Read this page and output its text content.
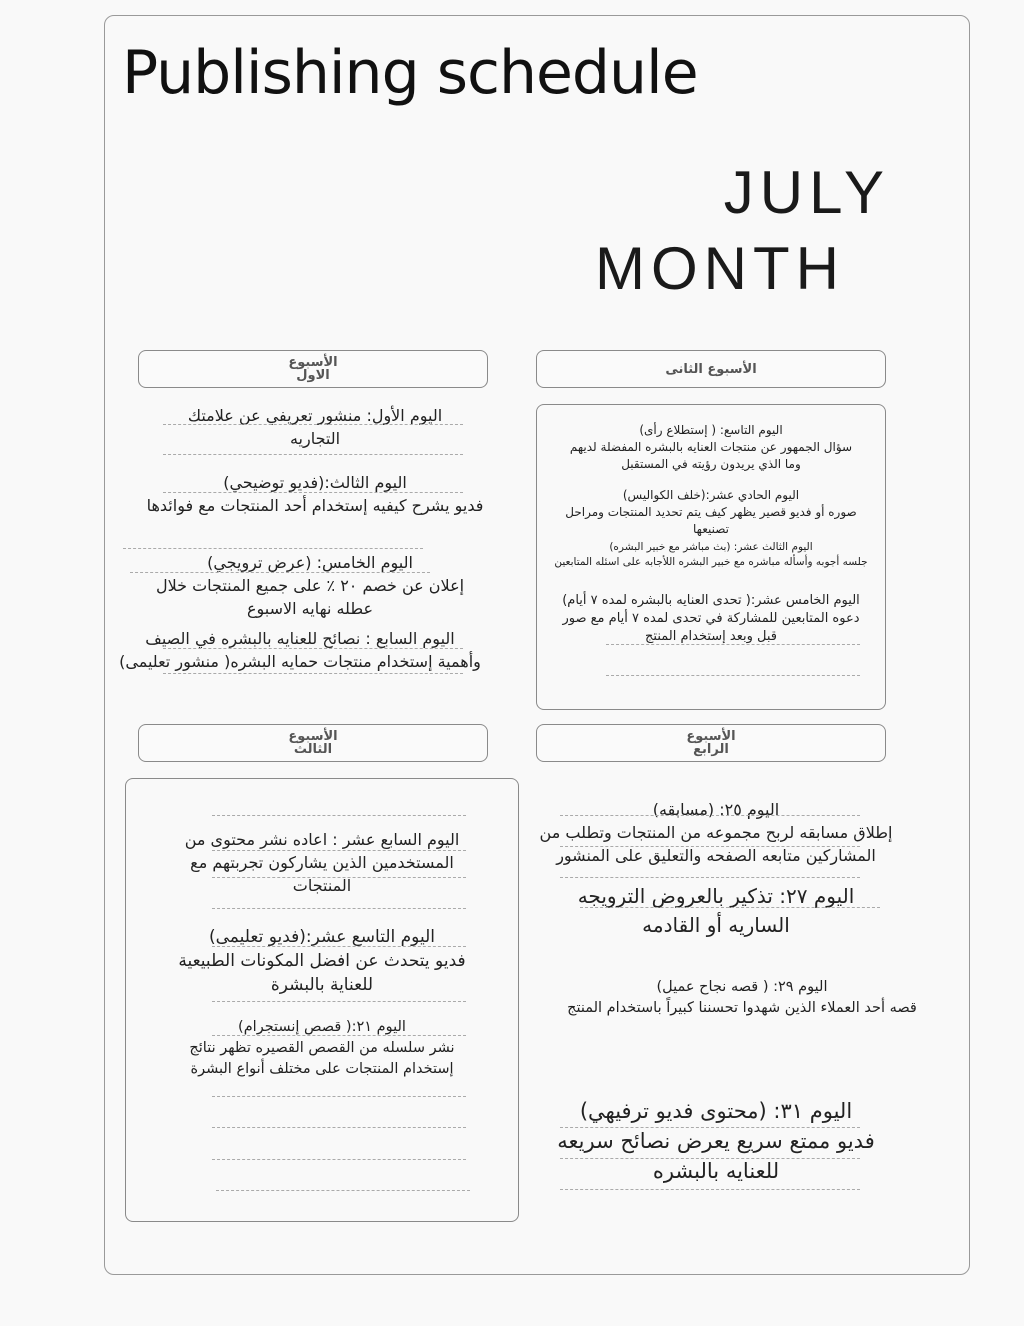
Publishing schedule
JULY
MONTH
الأسبوع الاول	الأسبوع الثانى
الأسبوع الثالث
الأسبوع الرابع
اليوم الأول: منشور تعريفي عن علامتك
التجاريه
اليوم الثالث:(فديو توضيحي)
فديو يشرح كيفيه إستخدام أحد المنتجات مع فوائدها
اليوم الخامس: (عرض ترويجي)
إعلان عن خصم ٢٠ ٪ على جميع المنتجات خلال
عطله نهايه الاسبوع
اليوم السابع : نصائح للعنايه بالبشره في الصيف
وأهمية إستخدام منتجات حمايه البشره( منشور تعليمى)
اليوم التاسع: ( إستطلاع رأى)
سؤال الجمهور عن منتجات العنايه بالبشره المفضلة لديهم
وما الذي يريدون رؤيته في المستقبل
اليوم الحادي عشر:(خلف الكواليس)
صوره أو فديو قصير يظهر كيف يتم تحديد المنتجات ومراحل
تصنيعها
اليوم الثالث عشر: (بث مباشر مع خبير البشره)
جلسه أجوبه وأسأله مباشره مع خبير البشره اللأجابه على اسئله المتابعين
اليوم الخامس عشر:( تحدى العنايه بالبشره لمده ٧ أيام)
دعوه المتابعين للمشاركة في تحدى لمده ٧ أيام مع صور
قبل وبعد إستخدام المنتج
اليوم السابع عشر : اعاده نشر محتوى من
المستخدمين الذين يشاركون تجربتهم مع
المنتجات
اليوم التاسع عشر:(فديو تعليمى)
فديو يتحدث عن افضل المكونات الطبيعية
للعناية بالبشرة
اليوم ٢١:( قصص إنستجرام)
نشر سلسله من القصص القصيره تظهر نتائج
إستخدام المنتجات على مختلف أنواع البشرة
اليوم ٢٥: (مسابقه)
إطلاق مسابقه لربح مجموعه من المنتجات وتطلب من
المشاركين متابعه الصفحه والتعليق على المنشور
اليوم ٢٧: تذكير بالعروض الترويجه
الساريه أو القادمه
اليوم ٢٩: ( قصه نجاح عميل)
قصه أحد العملاء الذين شهدوا تحسننا كبيراً باستخدام المنتج
اليوم ٣١: (محتوى فديو ترفيهي)
فديو ممتع سريع يعرض نصائح سريعه
للعنايه بالبشره
